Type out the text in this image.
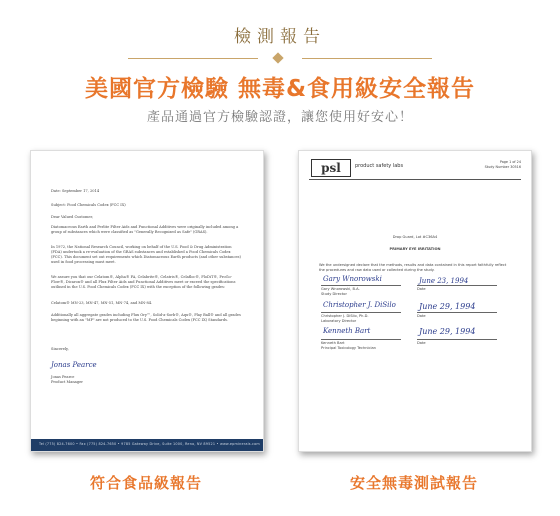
檢測報告
美國官方檢驗 無毒&食用級安全報告
產品通過官方檢驗認證，讓您使用好安心！

Date: September 17, 2014

Subject: Food Chemicals Codex (FCC IX)

Dear Valued Customer,

Diatomaceous Earth and Perlite Filter Aids and Functional Additives were originally included among a group of substances which were classified as "Generally Recognized as Safe" (GRAS).

In 1972, the National Research Council, working on behalf of the U.S. Food & Drug Administration (FDA) undertook a re-evaluation of the GRAS substances and established a Food Chemicals Codex (FCC). This document set out requirements which Diatomaceous Earth products (and other substances) used in food processing must meet.

We assure you that our Celatom®, Alpha® FA, Celabrite®, Celatris®, Celafloc®, FloDiT®, ProGo-Flow®, Dicaron® and all Flux Filter Aids and Functional Additives meet or exceed the specifications outlined in the U.S. Food Chemicals Codex (FCC IX) with the exception of the following grades:

Celatom® MN-23, MN-47, MN-51, MN-74, and MN-84.

Additionally all aggregate grades including Flux Ory™, Solid-a-Sorb®, Aqu®, Play Ball® and all grades beginning with an "MP" are not produced to the U.S. Food Chemicals Codex (FCC IX) Standards.

Sincerely,

Jonas Pearce

Jonas Pearce

Product Manager

Tel (775) 824-7600 • Fax (775) 824-7650 • 9785 Gateway Drive, Suite 1000, Reno, NV 89521 • www.epminerals.com
psl	product safety labs
Page 1 of 24
Study Number 30516

Drop Guard, Lot #C36A4

PRIMARY EYE IRRITATION

We the undersigned declare that the methods, results and data contained in this report faithfully reflect the procedures and raw data used or collected during the study.

Gary Wnorowski

Gary Wnorowski, B.A.

Study Director

June 23, 1994

Date

Christopher J. DiSilo

Christopher J. DiSilo, Ph.D.

Laboratory Director

June 29, 1994

Date

Kenneth Bart

Kenneth Bart

Principal Toxicology Technician

June 29, 1994

Date

符合食品級報告	安全無毒測試報告
